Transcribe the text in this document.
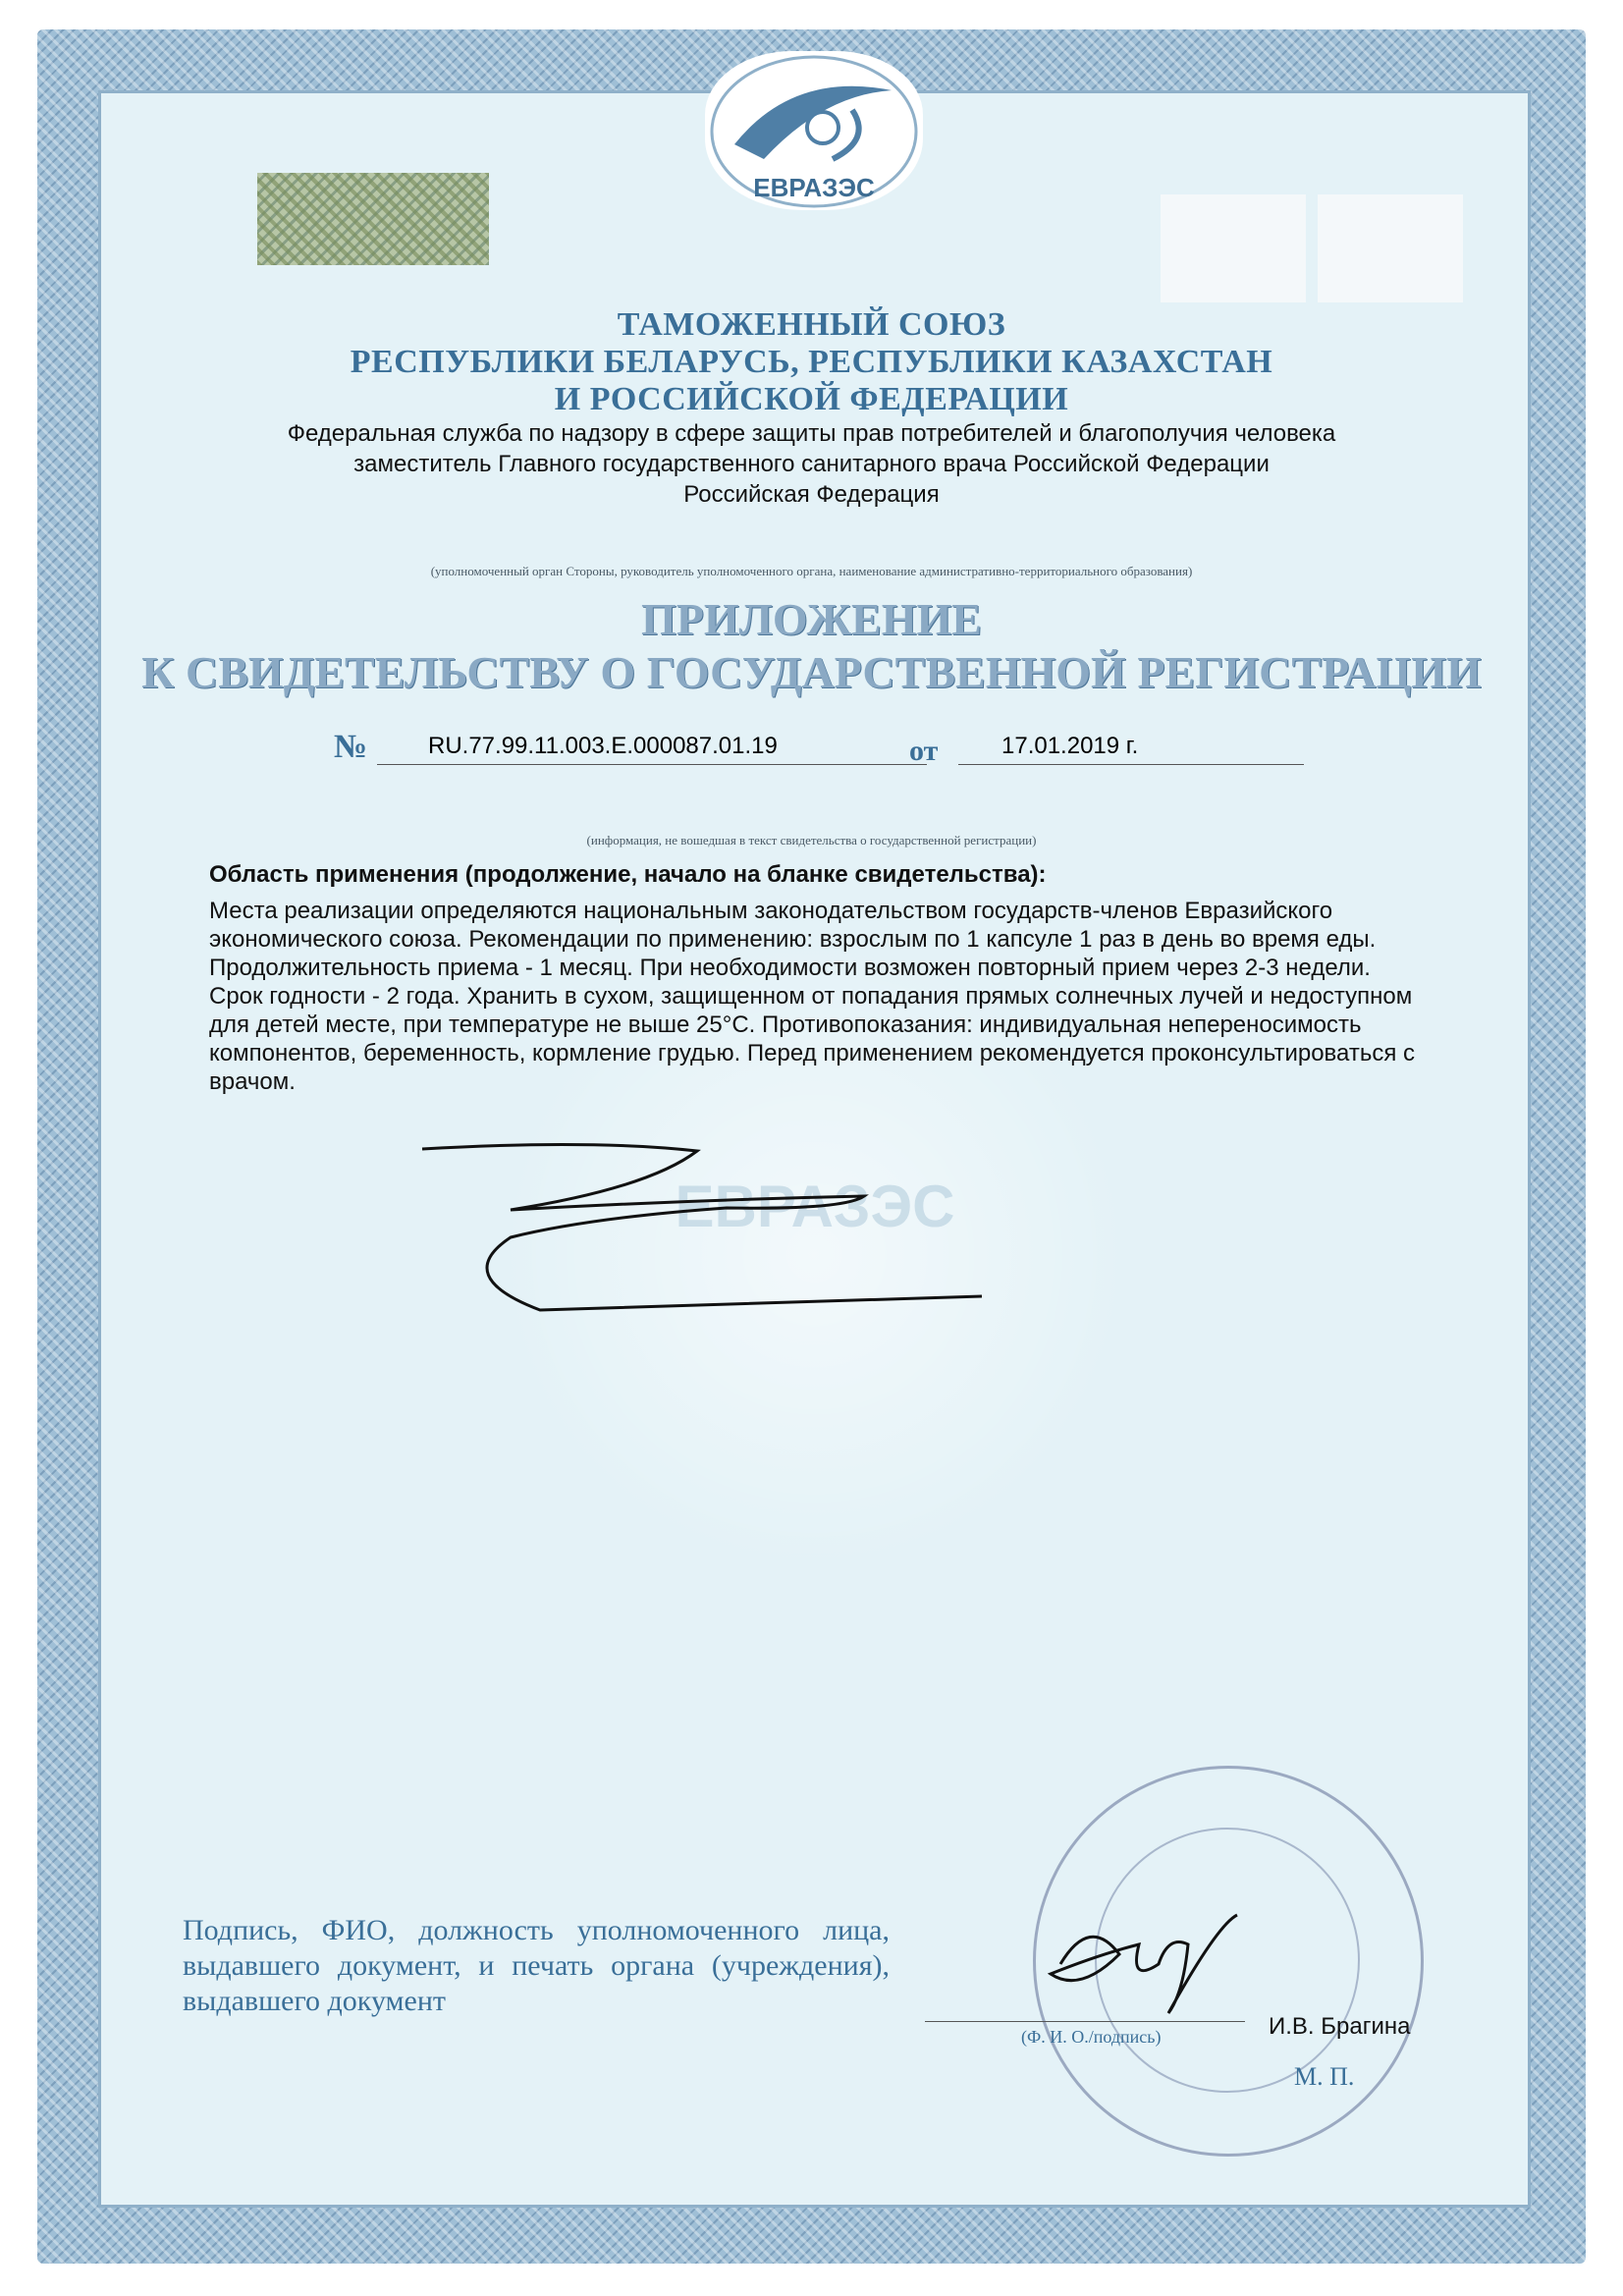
ЕВРАЗЭС
ТАМОЖЕННЫЙ СОЮЗ
РЕСПУБЛИКИ БЕЛАРУСЬ, РЕСПУБЛИКИ КАЗАХСТАН
И РОССИЙСКОЙ ФЕДЕРАЦИИ
Федеральная служба по надзору в сфере защиты прав потребителей и благополучия человека
заместитель Главного государственного санитарного врача Российской Федерации
Российская Федерация
(уполномоченный орган Стороны, руководитель уполномоченного органа, наименование административно-территориального образования)
ПРИЛОЖЕНИЕ
К СВИДЕТЕЛЬСТВУ О ГОСУДАРСТВЕННОЙ РЕГИСТРАЦИИ
№	RU.77.99.11.003.E.000087.01.19	от	17.01.2019 г.
(информация, не вошедшая в текст свидетельства о государственной регистрации)
ЕВРАЗЭС
Область применения (продолжение, начало на бланке свидетельства):
Места реализации определяются национальным законодательством государств-членов Евразийского экономического союза. Рекомендации по применению: взрослым по 1 капсуле 1 раз в день во время еды. Продолжительность приема - 1 месяц. При необходимости возможен повторный прием через 2-3 недели. Срок годности - 2 года. Хранить в сухом, защищенном от попадания прямых солнечных лучей и недоступном для детей месте, при температуре не выше 25°С. Противопоказания: индивидуальная непереносимость компонентов, беременность, кормление грудью. Перед применением рекомендуется проконсультироваться с врачом.
Подпись, ФИО, должность уполномоченного лица, выдавшего документ, и печать органа (учреждения), выдавшего документ
(Ф. И. О./подпись)	И.В. Брагина
М. П.
